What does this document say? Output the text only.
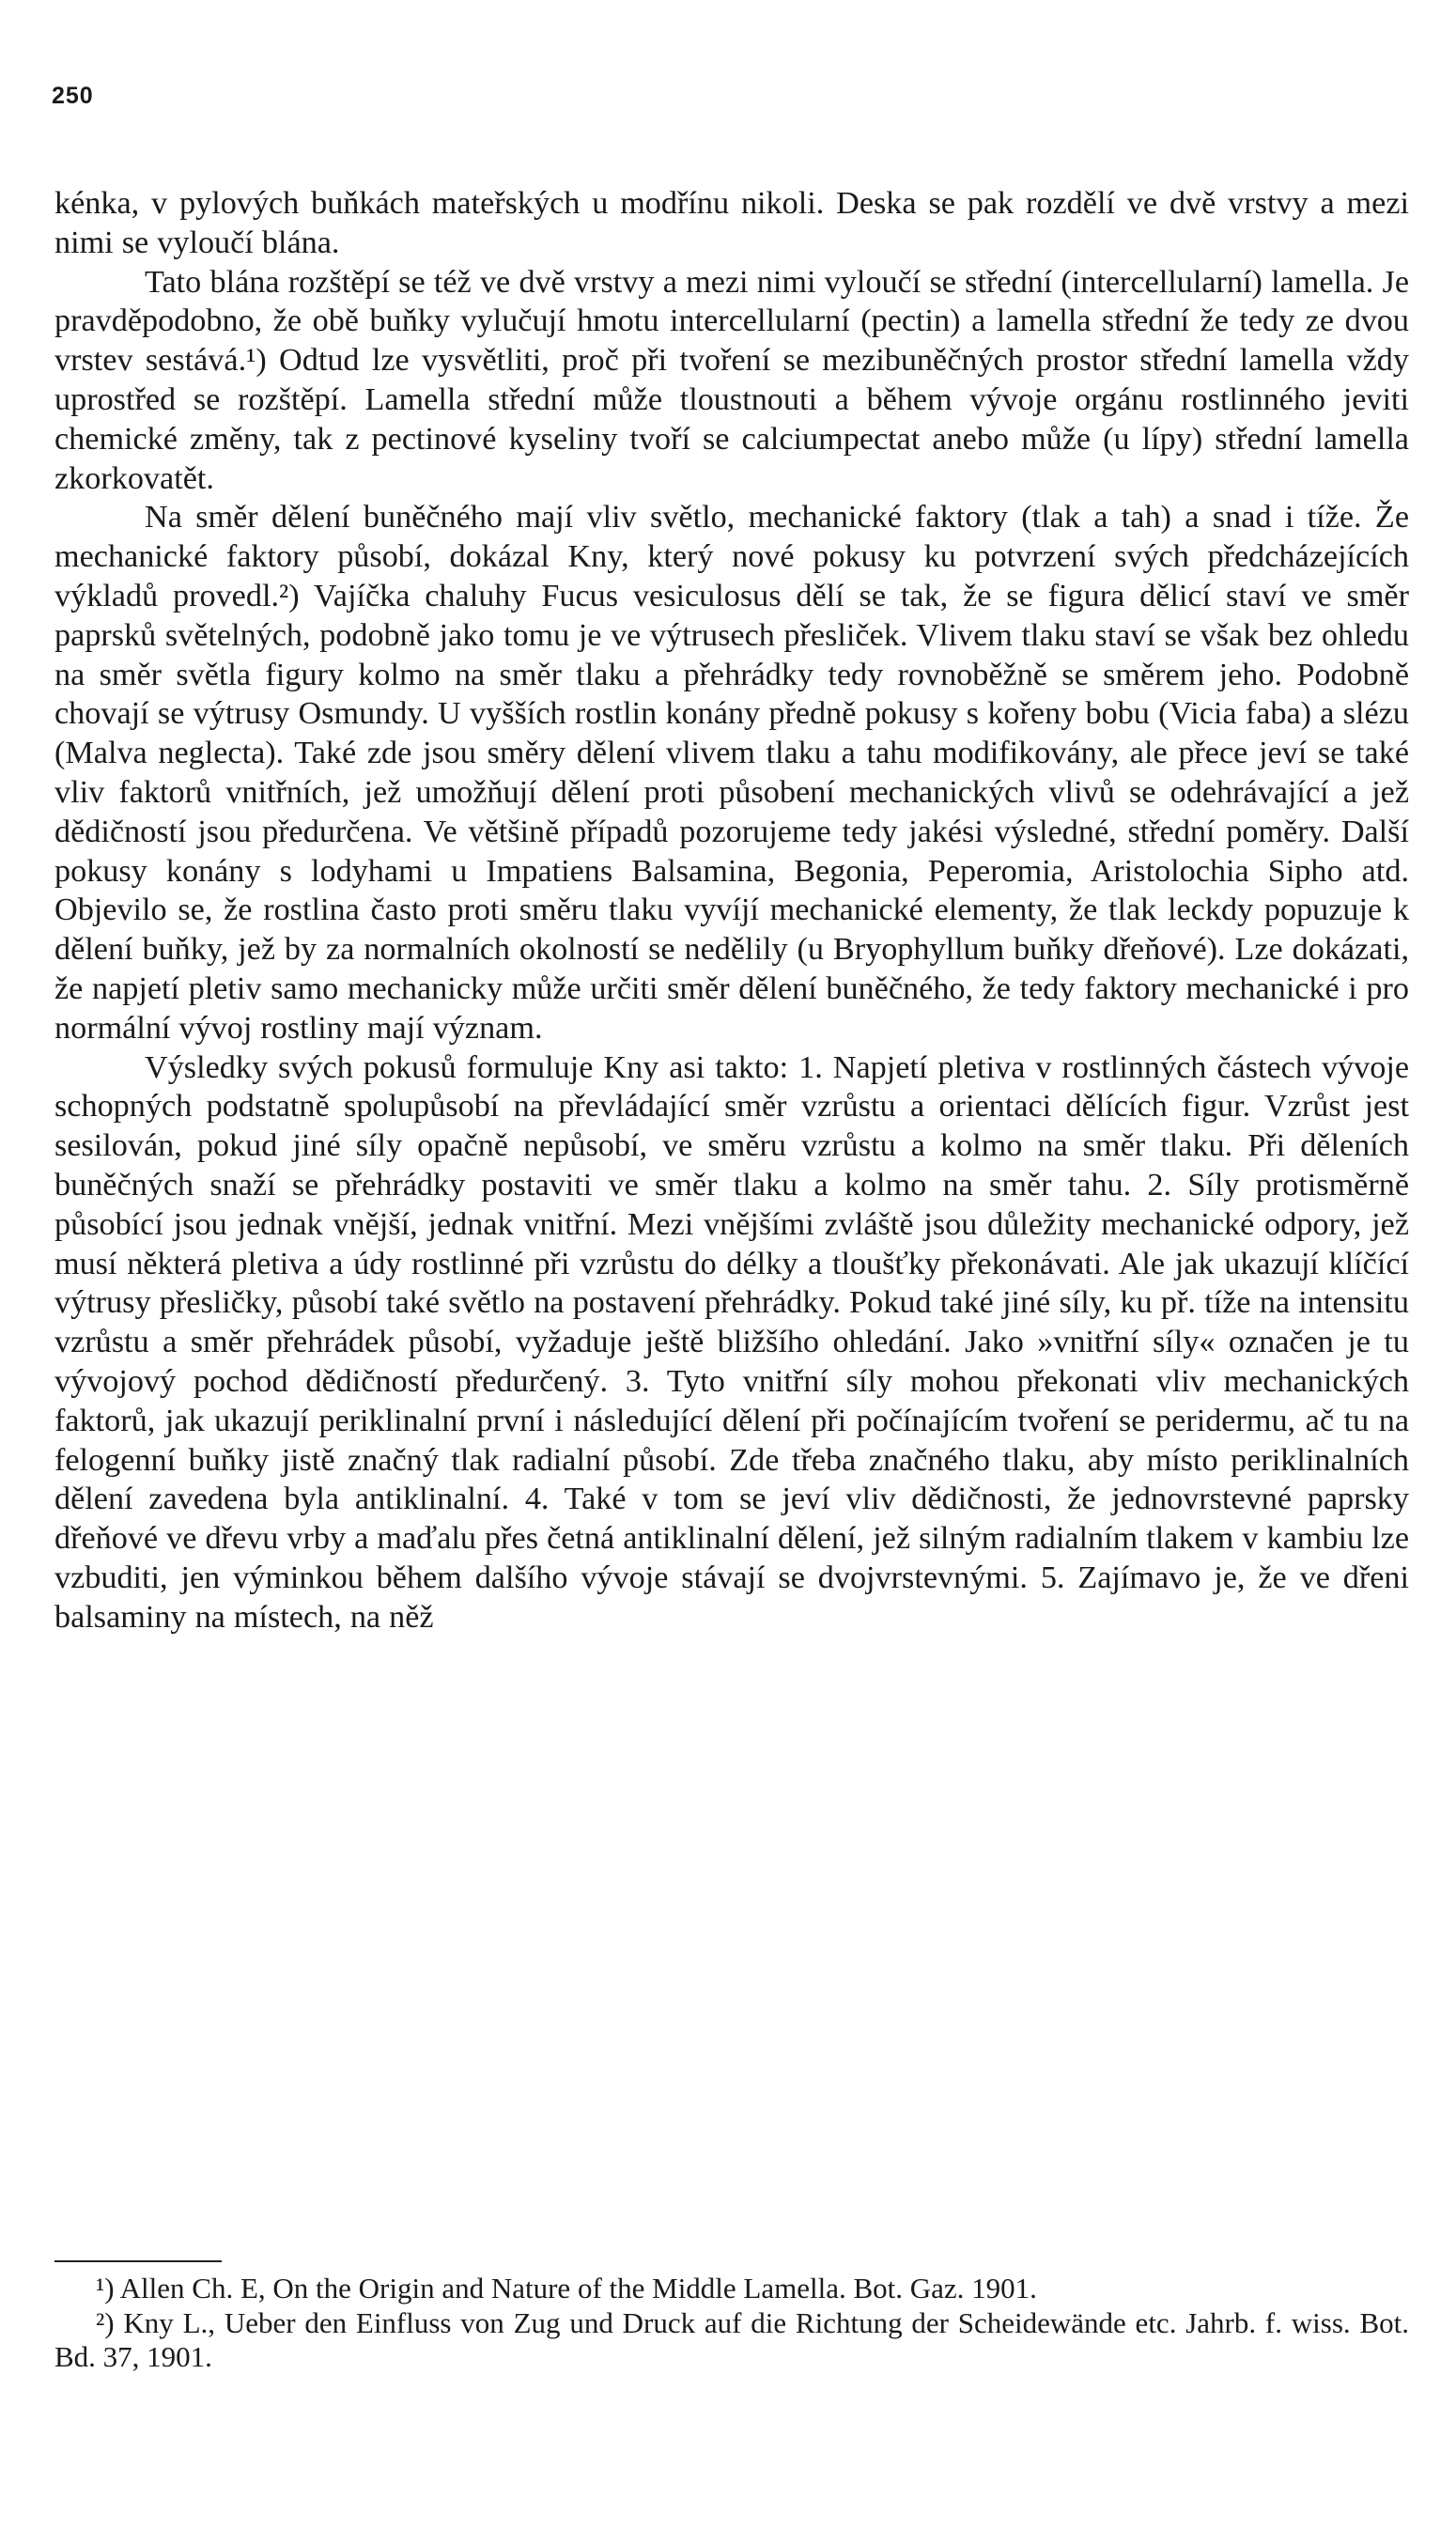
250

kénka, v pylových buňkách mateřských u modřínu nikoli. Deska se pak rozdělí ve dvě vrstvy a mezi nimi se vyloučí blána.

Tato blána rozštěpí se též ve dvě vrstvy a mezi nimi vyloučí se střední (intercellularní) lamella. Je pravděpodobno, že obě buňky vylučují hmotu intercellularní (pectin) a lamella střední že tedy ze dvou vrstev sestává.¹) Odtud lze vysvětliti, proč při tvoření se mezibuněčných prostor střední lamella vždy uprostřed se rozštěpí. Lamella střední může tloustnouti a během vývoje orgánu rostlinného jeviti chemické změny, tak z pectinové kyseliny tvoří se calciumpectat anebo může (u lípy) střední lamella zkorkovatět.

Na směr dělení buněčného mají vliv světlo, mechanické faktory (tlak a tah) a snad i tíže. Že mechanické faktory působí, dokázal Kny, který nové pokusy ku potvrzení svých předcházejících výkladů provedl.²) Vajíčka chaluhy Fucus vesiculosus dělí se tak, že se figura dělicí staví ve směr paprsků světelných, podobně jako tomu je ve výtrusech přesliček. Vlivem tlaku staví se však bez ohledu na směr světla figury kolmo na směr tlaku a přehrádky tedy rovnoběžně se směrem jeho. Podobně chovají se výtrusy Osmundy. U vyšších rostlin konány předně pokusy s kořeny bobu (Vicia faba) a slézu (Malva neglecta). Také zde jsou směry dělení vlivem tlaku a tahu modifikovány, ale přece jeví se také vliv faktorů vnitřních, jež umožňují dělení proti působení mechanických vlivů se odehrávající a jež dědičností jsou předurčena. Ve většině případů pozorujeme tedy jakési výsledné, střední poměry. Další pokusy konány s lodyhami u Impatiens Balsamina, Begonia, Peperomia, Aristolochia Sipho atd. Objevilo se, že rostlina často proti směru tlaku vyvíjí mechanické elementy, že tlak leckdy popuzuje k dělení buňky, jež by za normalních okolností se nedělily (u Bryophyllum buňky dřeňové). Lze dokázati, že napjetí pletiv samo mechanicky může určiti směr dělení buněčného, že tedy faktory mechanické i pro normální vývoj rostliny mají význam.

Výsledky svých pokusů formuluje Kny asi takto: 1. Napjetí pletiva v rostlinných částech vývoje schopných podstatně spolupůsobí na převládající směr vzrůstu a orientaci dělících figur. Vzrůst jest sesilován, pokud jiné síly opačně nepůsobí, ve směru vzrůstu a kolmo na směr tlaku. Při děleních buněčných snaží se přehrádky postaviti ve směr tlaku a kolmo na směr tahu. 2. Síly protisměrně působící jsou jednak vnější, jednak vnitřní. Mezi vnějšími zvláště jsou důležity mechanické odpory, jež musí některá pletiva a údy rostlinné při vzrůstu do délky a tloušťky překonávati. Ale jak ukazují klíčící výtrusy přesličky, působí také světlo na postavení přehrádky. Pokud také jiné síly, ku př. tíže na intensitu vzrůstu a směr přehrádek působí, vyžaduje ještě bližšího ohledání. Jako »vnitřní síly« označen je tu vývojový pochod dědičností předurčený. 3. Tyto vnitřní síly mohou překonati vliv mechanických faktorů, jak ukazují periklinalní první i následující dělení při počínajícím tvoření se peridermu, ač tu na felogenní buňky jistě značný tlak radialní působí. Zde třeba značného tlaku, aby místo periklinalních dělení zavedena byla antiklinalní. 4. Také v tom se jeví vliv dědičnosti, že jednovrstevné paprsky dřeňové ve dřevu vrby a maďalu přes četná antiklinalní dělení, jež silným radialním tlakem v kambiu lze vzbuditi, jen výminkou během dalšího vývoje stávají se dvojvrstevnými. 5. Zajímavo je, že ve dřeni balsaminy na místech, na něž

¹) Allen Ch. E, On the Origin and Nature of the Middle Lamella. Bot. Gaz. 1901.

²) Kny L., Ueber den Einfluss von Zug und Druck auf die Richtung der Scheidewände etc. Jahrb. f. wiss. Bot. Bd. 37, 1901.
